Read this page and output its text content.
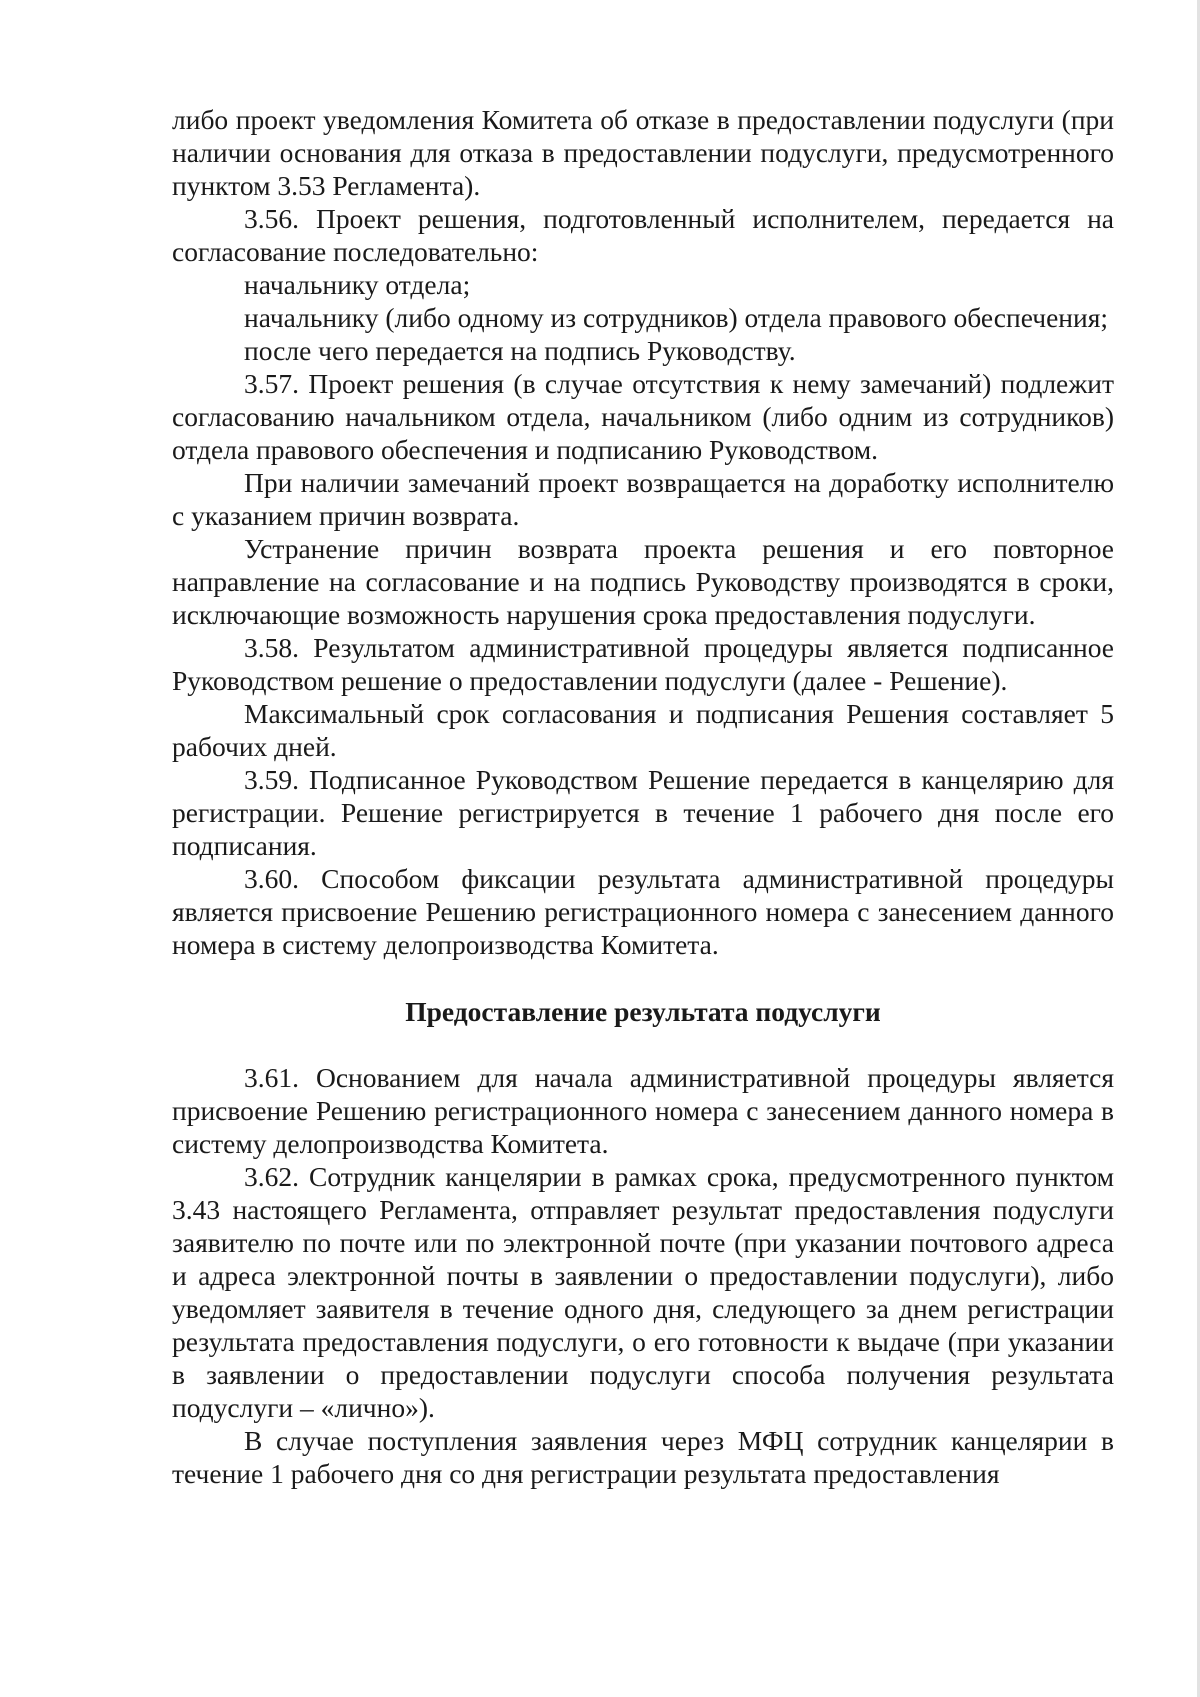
либо проект уведомления Комитета об отказе в предоставлении подуслуги (при наличии основания для отказа в предоставлении подуслуги, предусмотренного пунктом 3.53 Регламента).

3.56. Проект решения, подготовленный исполнителем, передается на согласование последовательно:

начальнику отдела;

начальнику (либо одному из сотрудников) отдела правового обеспечения;

после чего передается на подпись Руководству.

3.57. Проект решения (в случае отсутствия к нему замечаний) подлежит согласованию начальником отдела, начальником (либо одним из сотрудников) отдела правового обеспечения и подписанию Руководством.

При наличии замечаний проект возвращается на доработку исполнителю с указанием причин возврата.

Устранение причин возврата проекта решения и его повторное направление на согласование и на подпись Руководству производятся в сроки, исключающие возможность нарушения срока предоставления подуслуги.

3.58. Результатом административной процедуры является подписанное Руководством решение о предоставлении подуслуги (далее - Решение).

Максимальный срок согласования и подписания Решения составляет 5 рабочих дней.

3.59. Подписанное Руководством Решение передается в канцелярию для регистрации. Решение регистрируется в течение 1 рабочего дня после его подписания.

3.60. Способом фиксации результата административной процедуры является присвоение Решению регистрационного номера с занесением данного номера в систему делопроизводства Комитета.

Предоставление результата подуслуги

3.61. Основанием для начала административной процедуры является присвоение Решению регистрационного номера с занесением данного номера в систему делопроизводства Комитета.

3.62. Сотрудник канцелярии в рамках срока, предусмотренного пунктом 3.43 настоящего Регламента, отправляет результат предоставления подуслуги заявителю по почте или по электронной почте (при указании почтового адреса и адреса электронной почты в заявлении о предоставлении подуслуги), либо уведомляет заявителя в течение одного дня, следующего за днем регистрации результата предоставления подуслуги, о его готовности к выдаче (при указании в заявлении о предоставлении подуслуги способа получения результата подуслуги – «лично»).

В случае поступления заявления через МФЦ сотрудник канцелярии в течение 1 рабочего дня со дня регистрации результата предоставления
